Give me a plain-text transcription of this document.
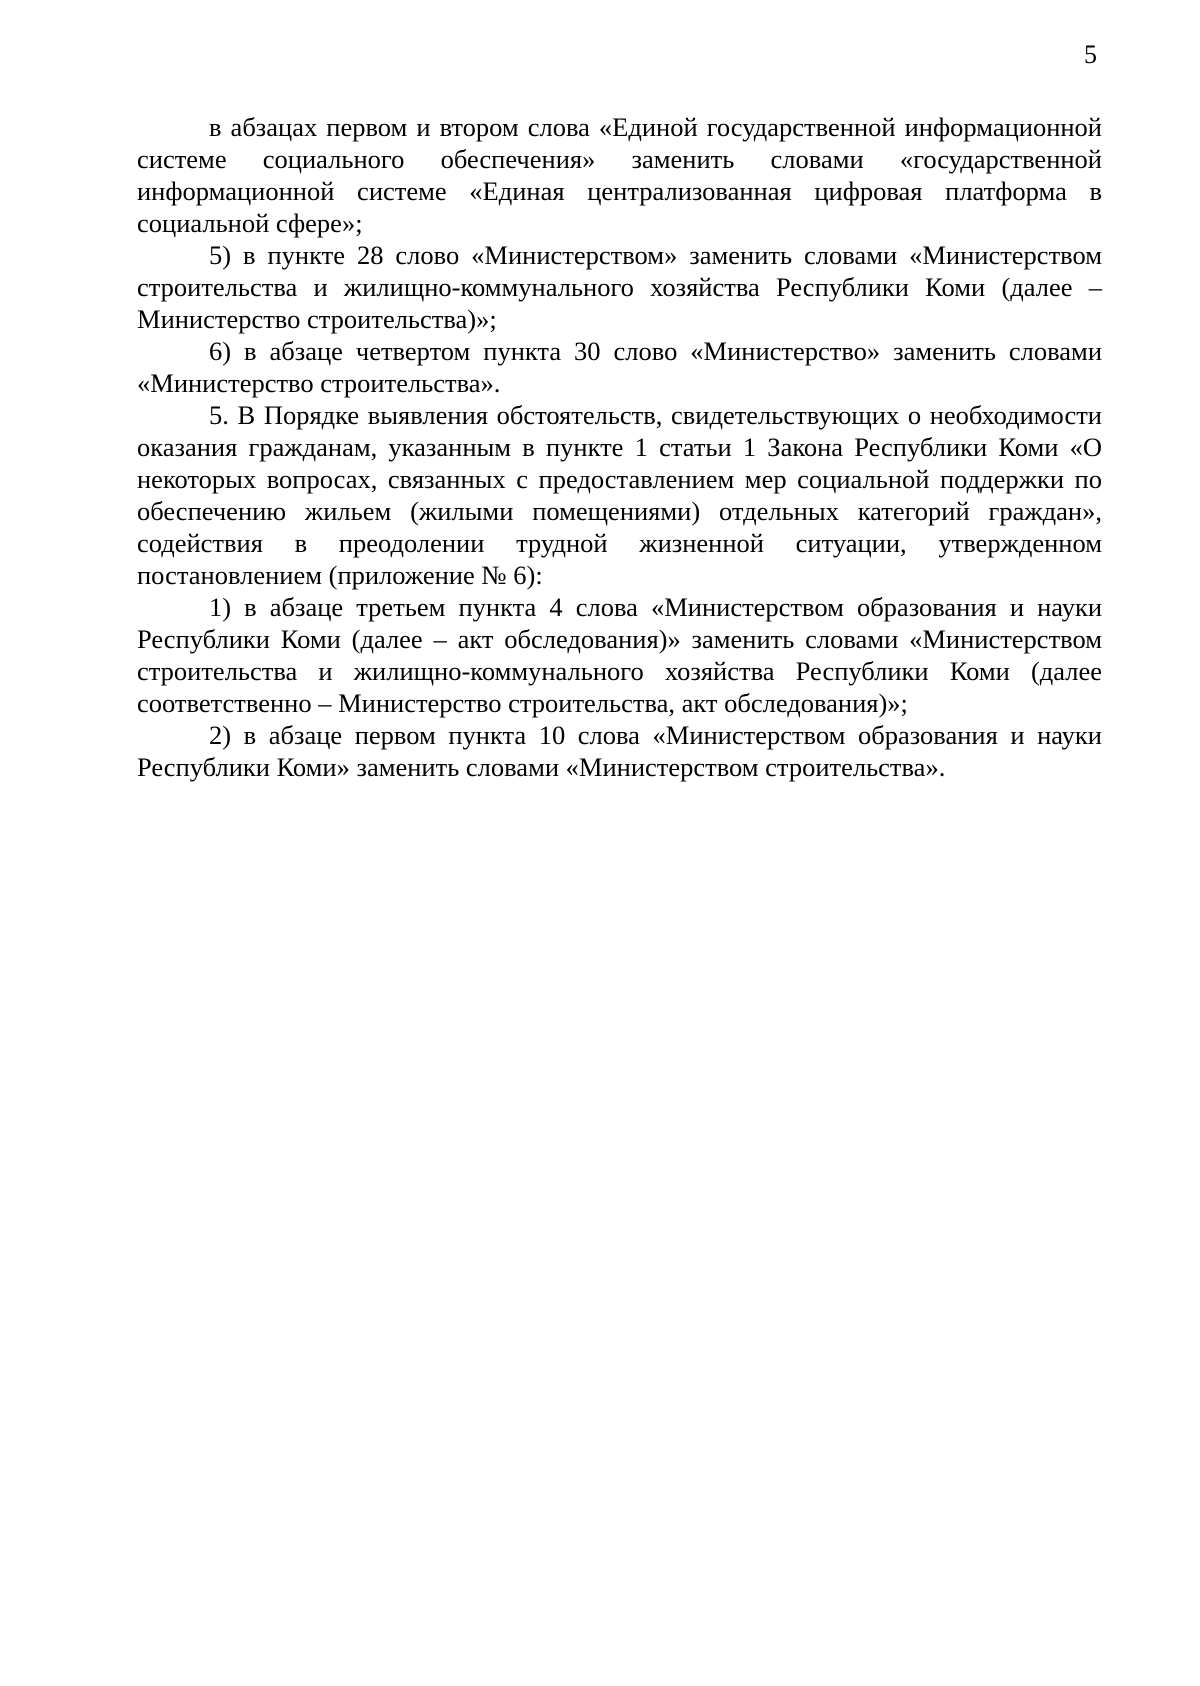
5

в абзацах первом и втором слова «Единой государственной информационной системе социального обеспечения» заменить словами «государственной информационной системе «Единая централизованная цифровая платформа в социальной сфере»;

5) в пункте 28 слово «Министерством» заменить словами «Министерством строительства и жилищно-коммунального хозяйства Республики Коми (далее – Министерство строительства)»;

6) в абзаце четвертом пункта 30 слово «Министерство» заменить словами «Министерство строительства».

5. В Порядке выявления обстоятельств, свидетельствующих о необходимости оказания гражданам, указанным в пункте 1 статьи 1 Закона Республики Коми «О некоторых вопросах, связанных с предоставлением мер социальной поддержки по обеспечению жильем (жилыми помещениями) отдельных категорий граждан», содействия в преодолении трудной жизненной ситуации, утвержденном постановлением (приложение № 6):

1) в абзаце третьем пункта 4 слова «Министерством образования и науки Республики Коми (далее – акт обследования)» заменить словами «Министерством строительства и жилищно-коммунального хозяйства Республики Коми (далее соответственно – Министерство строительства, акт обследования)»;

2) в абзаце первом пункта 10 слова «Министерством образования и науки Республики Коми» заменить словами «Министерством строительства».
